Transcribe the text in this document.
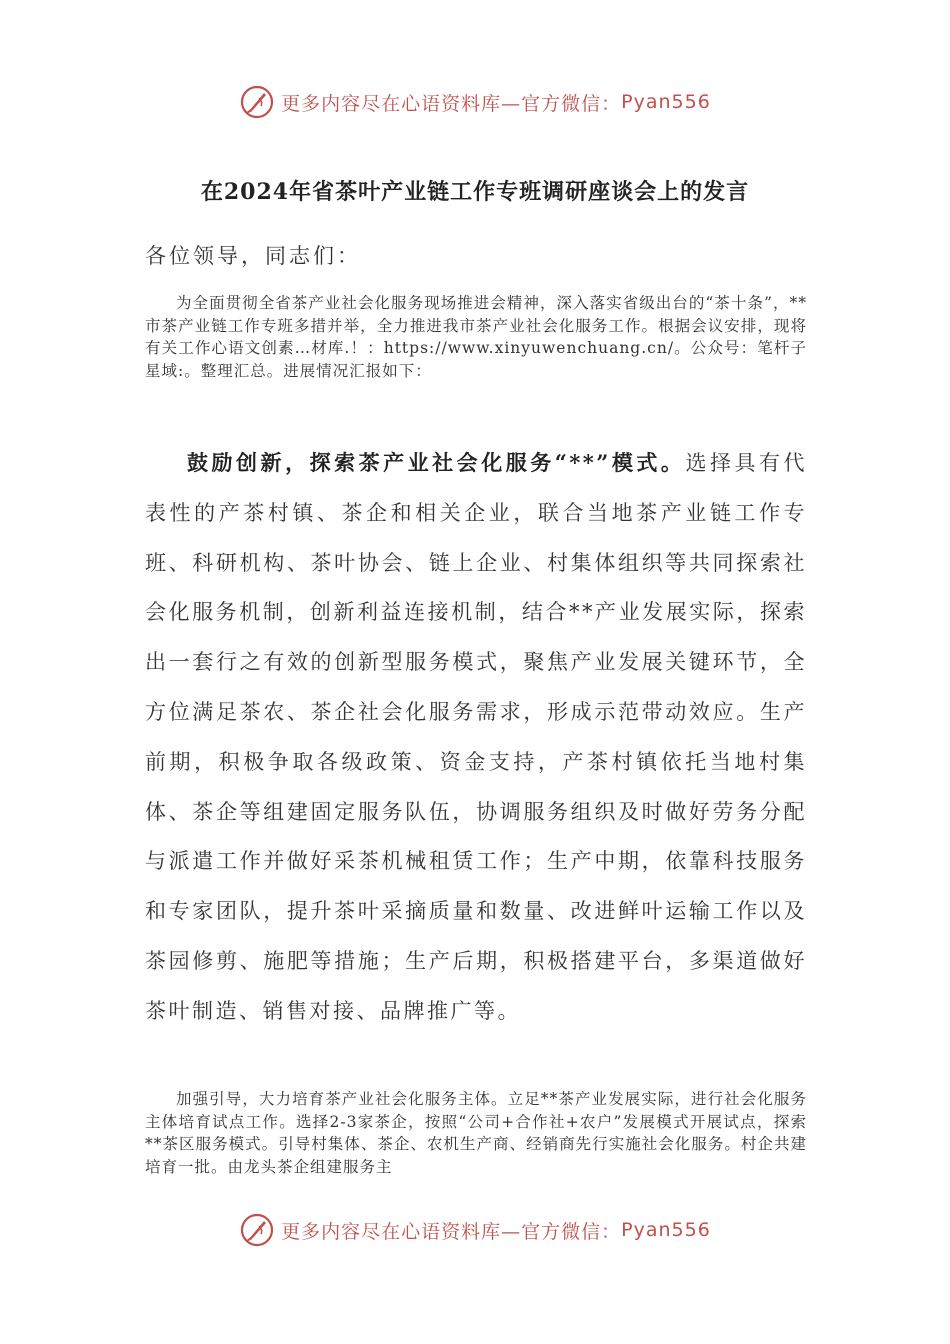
更多内容尽在心语资料库—官方微信： Pyan556
在2024年省茶叶产业链工作专班调研座谈会上的发言
各位领导，同志们：
为全面贯彻全省茶产业社会化服务现场推进会精神，深入落实省级出台的“茶十条”，**市茶产业链工作专班多措并举，全力推进我市茶产业社会化服务工作。根据会议安排，现将有关工作心语文创素…材库.！：https://www.xinyuwenchuang.cn/。公众号：笔杆子星域:。整理汇总。进展情况汇报如下：
鼓励创新，探索茶产业社会化服务“**”模式。选择具有代表性的产茶村镇、茶企和相关企业，联合当地茶产业链工作专班、科研机构、茶叶协会、链上企业、村集体组织等共同探索社会化服务机制，创新利益连接机制，结合**产业发展实际，探索出一套行之有效的创新型服务模式，聚焦产业发展关键环节，全方位满足茶农、茶企社会化服务需求，形成示范带动效应。生产前期，积极争取各级政策、资金支持，产茶村镇依托当地村集体、茶企等组建固定服务队伍，协调服务组织及时做好劳务分配与派遣工作并做好采茶机械租赁工作；生产中期，依靠科技服务和专家团队，提升茶叶采摘质量和数量、改进鲜叶运输工作以及茶园修剪、施肥等措施；生产后期，积极搭建平台，多渠道做好茶叶制造、销售对接、品牌推广等。
加强引导，大力培育茶产业社会化服务主体。立足**茶产业发展实际，进行社会化服务主体培育试点工作。选择2-3家茶企，按照“公司+合作社+农户”发展模式开展试点，探索**茶区服务模式。引导村集体、茶企、农机生产商、经销商先行实施社会化服务。村企共建培育一批。由龙头茶企组建服务主
更多内容尽在心语资料库—官方微信： Pyan556
